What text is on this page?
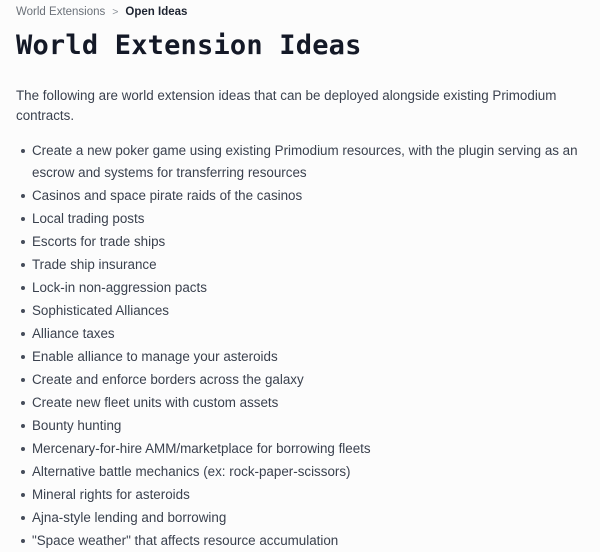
World Extensions > Open Ideas
World Extension Ideas

The following are world extension ideas that can be deployed alongside existing Primodium contracts.

Create a new poker game using existing Primodium resources, with the plugin serving as an escrow and systems for transferring resources
Casinos and space pirate raids of the casinos
Local trading posts
Escorts for trade ships
Trade ship insurance
Lock-in non-aggression pacts
Sophisticated Alliances
Alliance taxes
Enable alliance to manage your asteroids
Create and enforce borders across the galaxy
Create new fleet units with custom assets
Bounty hunting
Mercenary-for-hire AMM/marketplace for borrowing fleets
Alternative battle mechanics (ex: rock-paper-scissors)
Mineral rights for asteroids
Ajna-style lending and borrowing
"Space weather" that affects resource accumulation
